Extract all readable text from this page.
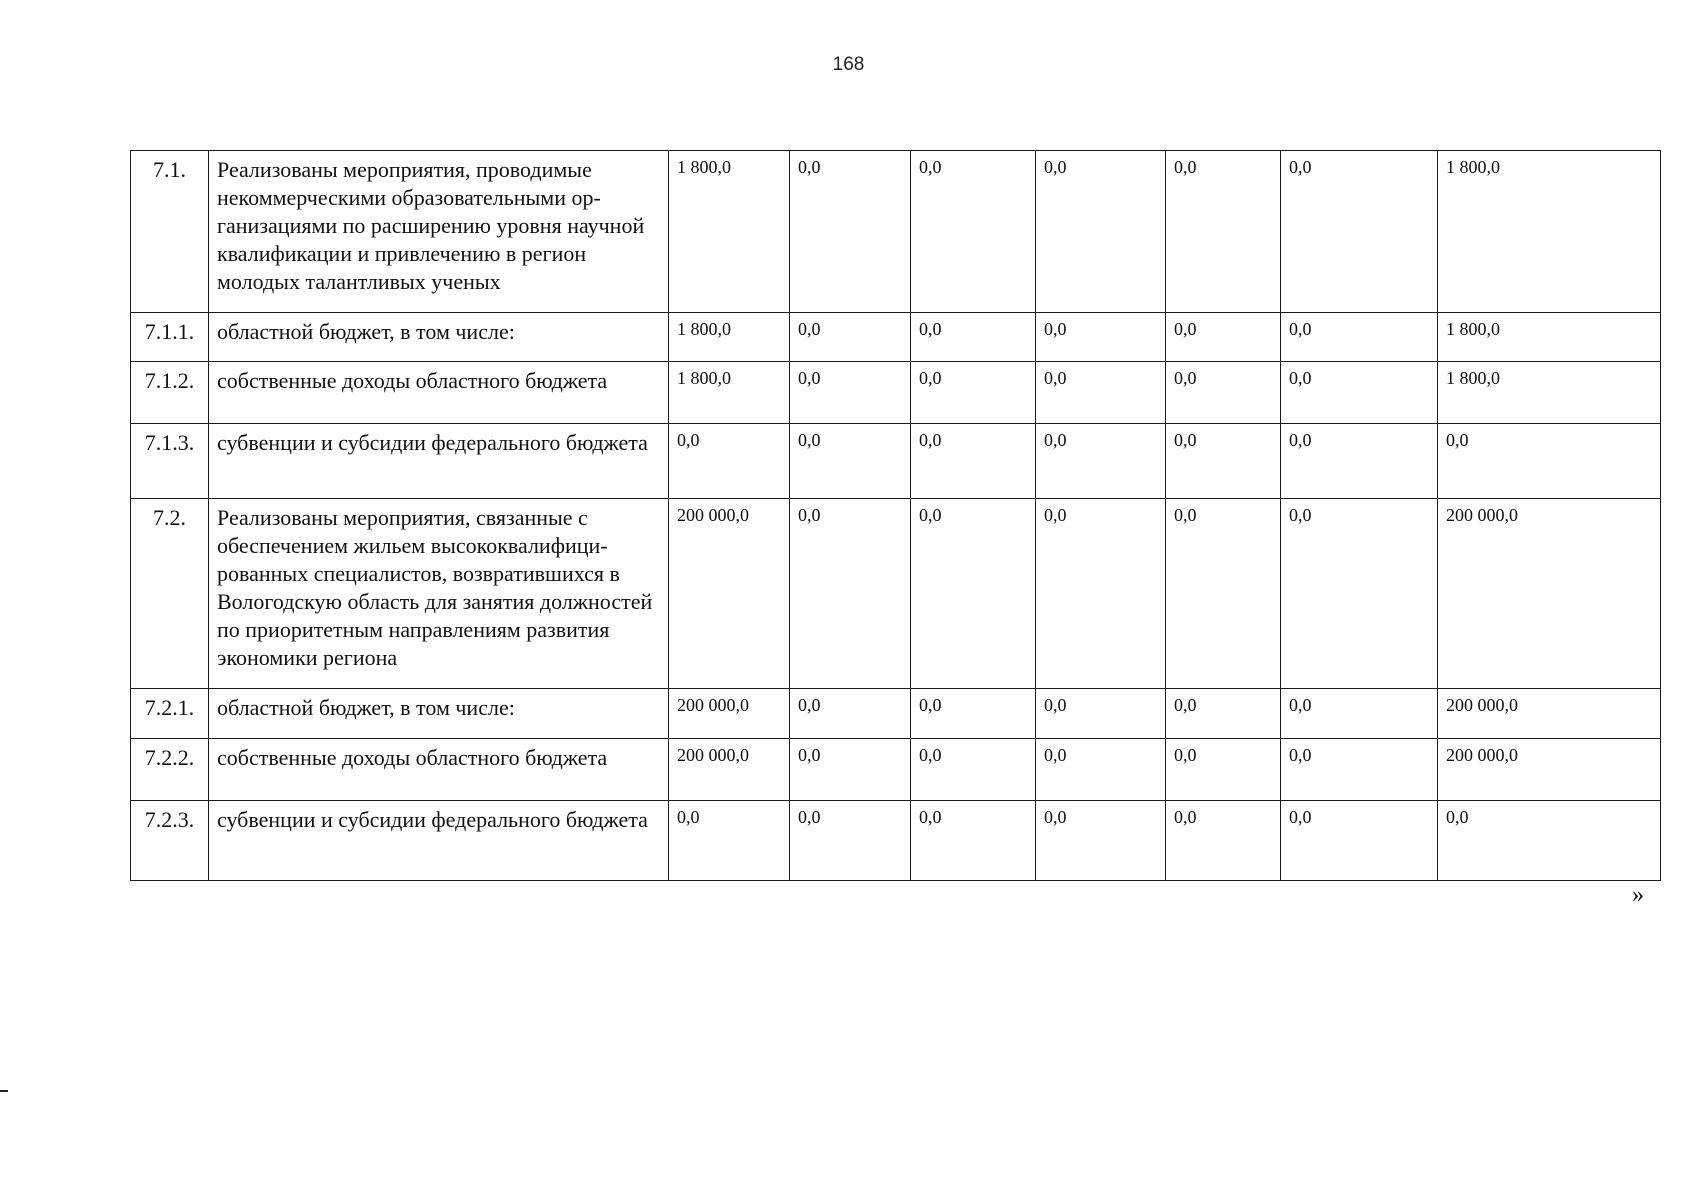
168
7.1.	Реализованы мероприятия, проводимые некоммерческими образовательными организациями по расширению уровня научной квалификации и привлечению в регион молодых талантливых ученых	1 800,0	0,0	0,0	0,0	0,0	0,0	1 800,0
7.1.1.	областной бюджет, в том числе:	1 800,0	0,0	0,0	0,0	0,0	0,0	1 800,0
7.1.2.	собственные доходы областного бюджета	1 800,0	0,0	0,0	0,0	0,0	0,0	1 800,0
7.1.3.	субвенции и субсидии федерального бюджета	0,0	0,0	0,0	0,0	0,0	0,0	0,0
7.2.	Реализованы мероприятия, связанные с обеспечением жильем высококвалифицированных специалистов, возвратившихся в Вологодскую область для занятия должностей по приоритетным направлениям развития экономики региона	200 000,0	0,0	0,0	0,0	0,0	0,0	200 000,0
7.2.1.	областной бюджет, в том числе:	200 000,0	0,0	0,0	0,0	0,0	0,0	200 000,0
7.2.2.	собственные доходы областного бюджета	200 000,0	0,0	0,0	0,0	0,0	0,0	200 000,0
7.2.3.	субвенции и субсидии федерального бюджета	0,0	0,0	0,0	0,0	0,0	0,0	0,0
»
